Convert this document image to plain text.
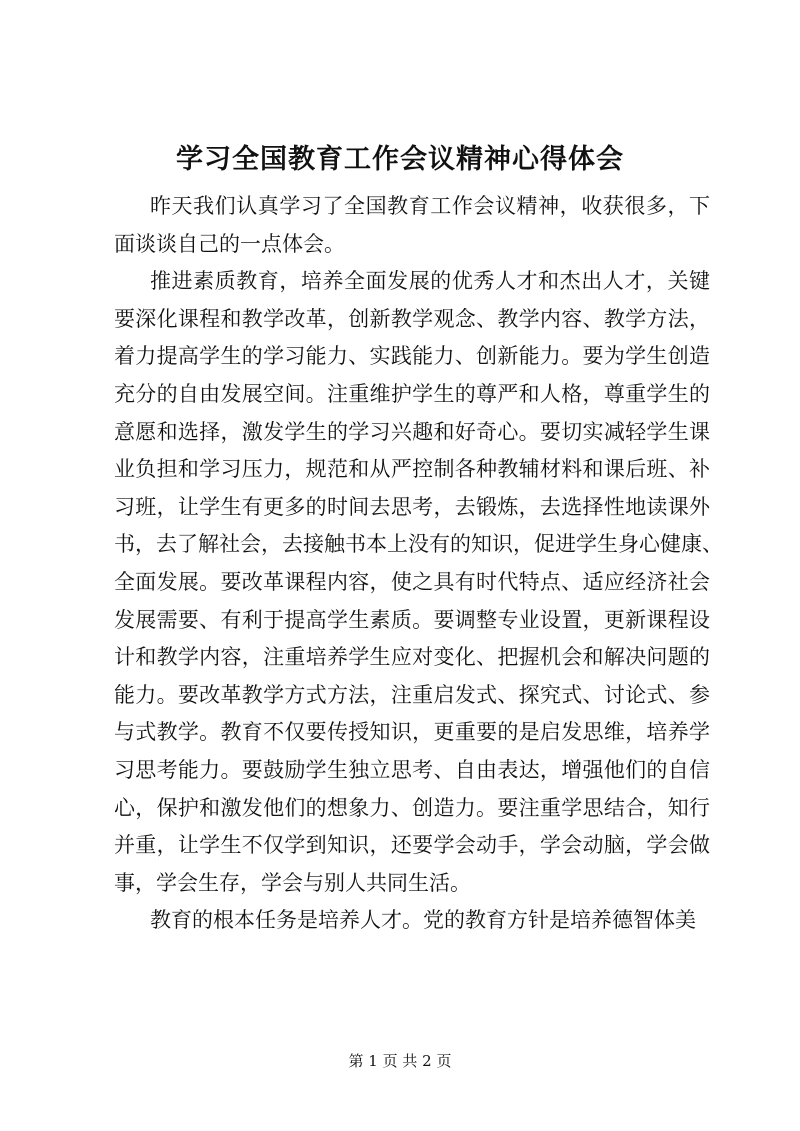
学习全国教育工作会议精神心得体会
昨天我们认真学习了全国教育工作会议精神，收获很多，下
面谈谈自己的一点体会。
推进素质教育，培养全面发展的优秀人才和杰出人才，关键
要深化课程和教学改革，创新教学观念、教学内容、教学方法，
着力提高学生的学习能力、实践能力、创新能力。要为学生创造
充分的自由发展空间。注重维护学生的尊严和人格，尊重学生的
意愿和选择，激发学生的学习兴趣和好奇心。要切实减轻学生课
业负担和学习压力，规范和从严控制各种教辅材料和课后班、补
习班，让学生有更多的时间去思考，去锻炼，去选择性地读课外
书，去了解社会，去接触书本上没有的知识，促进学生身心健康、
全面发展。要改革课程内容，使之具有时代特点、适应经济社会
发展需要、有利于提高学生素质。要调整专业设置，更新课程设
计和教学内容，注重培养学生应对变化、把握机会和解决问题的
能力。要改革教学方式方法，注重启发式、探究式、讨论式、参
与式教学。教育不仅要传授知识，更重要的是启发思维，培养学
习思考能力。要鼓励学生独立思考、自由表达，增强他们的自信
心，保护和激发他们的想象力、创造力。要注重学思结合，知行
并重，让学生不仅学到知识，还要学会动手，学会动脑，学会做
事，学会生存，学会与别人共同生活。
教育的根本任务是培养人才。党的教育方针是培养德智体美
第 1 页 共 2 页
